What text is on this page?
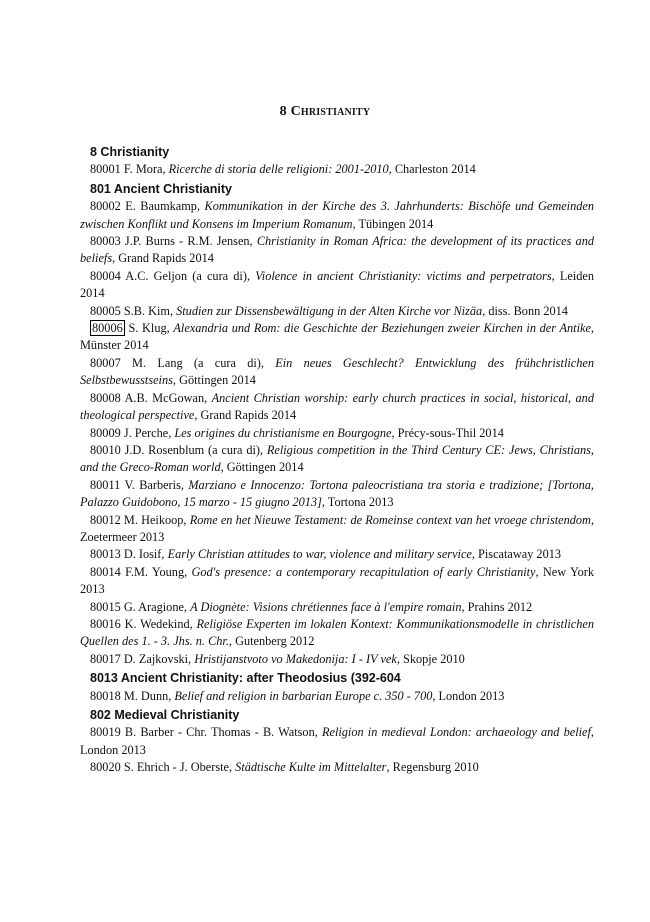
8 Christianity
8 Christianity
80001 F. Mora, Ricerche di storia delle religioni: 2001-2010, Charleston 2014
801 Ancient Christianity
80002 E. Baumkamp, Kommunikation in der Kirche des 3. Jahrhunderts: Bischöfe und Gemeinden zwischen Konflikt und Konsens im Imperium Romanum, Tübingen 2014
80003 J.P. Burns - R.M. Jensen, Christianity in Roman Africa: the development of its practices and beliefs, Grand Rapids 2014
80004 A.C. Geljon (a cura di), Violence in ancient Christianity: victims and perpetrators, Leiden 2014
80005 S.B. Kim, Studien zur Dissensbewältigung in der Alten Kirche vor Nizäa, diss. Bonn 2014
80006 S. Klug, Alexandria und Rom: die Geschichte der Beziehungen zweier Kirchen in der Antike, Münster 2014
80007 M. Lang (a cura di), Ein neues Geschlecht? Entwicklung des frühchristlichen Selbstbewusstseins, Göttingen 2014
80008 A.B. McGowan, Ancient Christian worship: early church practices in social, historical, and theological perspective, Grand Rapids 2014
80009 J. Perche, Les origines du christianisme en Bourgogne, Précy-sous-Thil 2014
80010 J.D. Rosenblum (a cura di), Religious competition in the Third Century CE: Jews, Christians, and the Greco-Roman world, Göttingen 2014
80011 V. Barberis, Marziano e Innocenzo: Tortona paleocristiana tra storia e tradizione; [Tortona, Palazzo Guidobono, 15 marzo - 15 giugno 2013], Tortona 2013
80012 M. Heikoop, Rome en het Nieuwe Testament: de Romeinse context van het vroege christendom, Zoetermeer 2013
80013 D. Iosif, Early Christian attitudes to war, violence and military service, Piscataway 2013
80014 F.M. Young, God's presence: a contemporary recapitulation of early Christianity, New York 2013
80015 G. Aragione, A Diognète: Visions chrétiennes face à l'empire romain, Prahins 2012
80016 K. Wedekind, Religiöse Experten im lokalen Kontext: Kommunikationsmodelle in christlichen Quellen des 1. - 3. Jhs. n. Chr., Gutenberg 2012
80017 D. Zajkovski, Hristijanstvoto vo Makedonija: I - IV vek, Skopje 2010
8013 Ancient Christianity: after Theodosius (392-604
80018 M. Dunn, Belief and religion in barbarian Europe c. 350 - 700, London 2013
802 Medieval Christianity
80019 B. Barber - Chr. Thomas - B. Watson, Religion in medieval London: archaeology and belief, London 2013
80020 S. Ehrich - J. Oberste, Städtische Kulte im Mittelalter, Regensburg 2010
